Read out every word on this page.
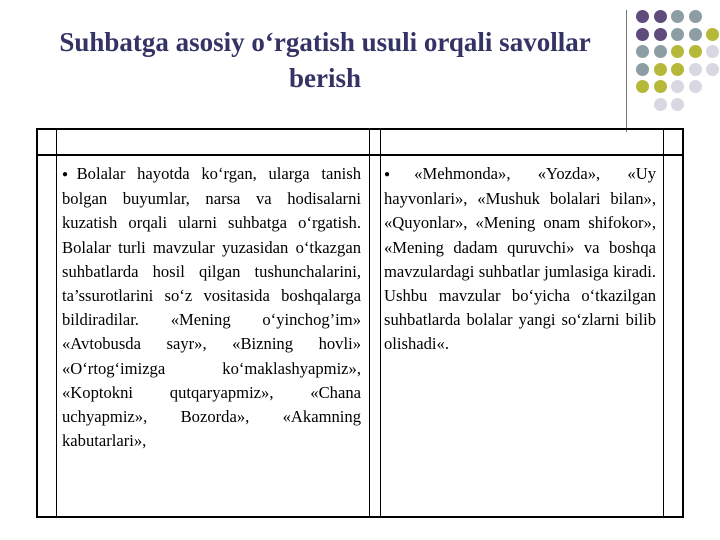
Suhbatga asosiy o‘rgatish usuli orqali savollar berish
●Bolalar hayotda ko‘rgan, ularga tanish bolgan buyumlar, narsa va hodisalarni kuzatish orqali ularni suhbatga o‘rgatish. Bolalar turli mavzular yuzasidan o‘tkazgan suhbatlarda hosil qilgan tushunchalarini, ta’ssurotlarini so‘z vositasida boshqalarga bildiradilar. «Mening o‘yinchog’im» «Avtobusda sayr», «Bizning hovli» «O‘rtog‘imizga ko‘maklashyapmiz», «Koptokni qutqaryapmiz», «Chana uchyapmiz», Bozorda», «Akamning kabutarlari»,
●«Mehmonda», «Yozda», «Uy hayvonlari», «Mushuk bolalari bilan», «Quyonlar», «Mening onam shifokor», «Mening dadam quruvchi» va boshqa mavzulardagi suhbatlar jumlasiga kiradi. Ushbu mavzular bo‘yicha o‘tkazilgan suhbatlarda bolalar yangi so‘zlarni bilib olishadi«.
